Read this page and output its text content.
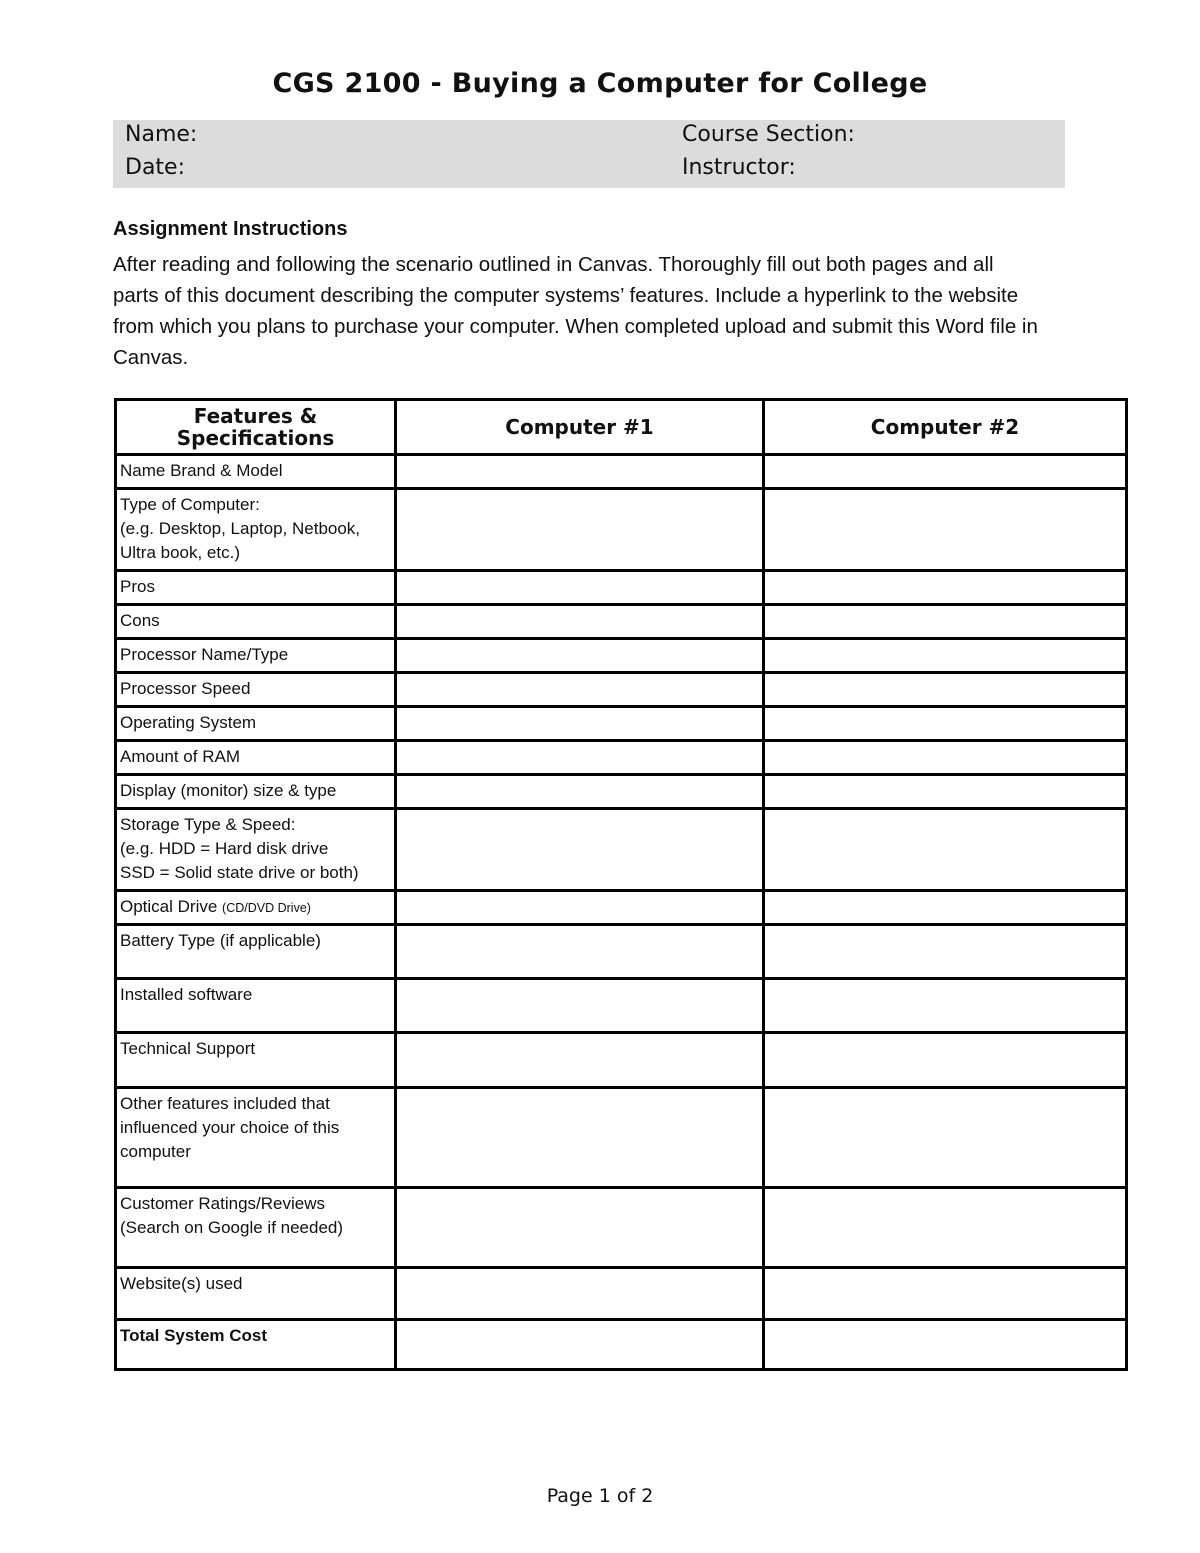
CGS 2100 - Buying a Computer for College
Name:
Date:
Course Section:
Instructor:
Assignment Instructions
After reading and following the scenario outlined in Canvas. Thoroughly fill out both pages and all parts of this document describing the computer systems’ features. Include a hyperlink to the website from which you plans to purchase your computer. When completed upload and submit this Word file in Canvas.
Features & Specifications	Computer #1	Computer #2
Name Brand & Model		

Type of Computer:
(e.g. Desktop, Laptop, Netbook,
Ultra book, etc.)		

Pros		
Cons		
Processor Name/Type		
Processor Speed		
Operating System		
Amount of RAM		
Display (monitor) size & type		

Storage Type & Speed:
(e.g. HDD = Hard disk drive
SSD = Solid state drive or both)		

Optical Drive (CD/DVD Drive)		
Battery Type (if applicable)		
Installed software		
Technical Support		

Other features included that
influenced your choice of this
computer		

Customer Ratings/Reviews
(Search on Google if needed)		

Website(s) used		
Total System Cost		
Page 1 of 2
